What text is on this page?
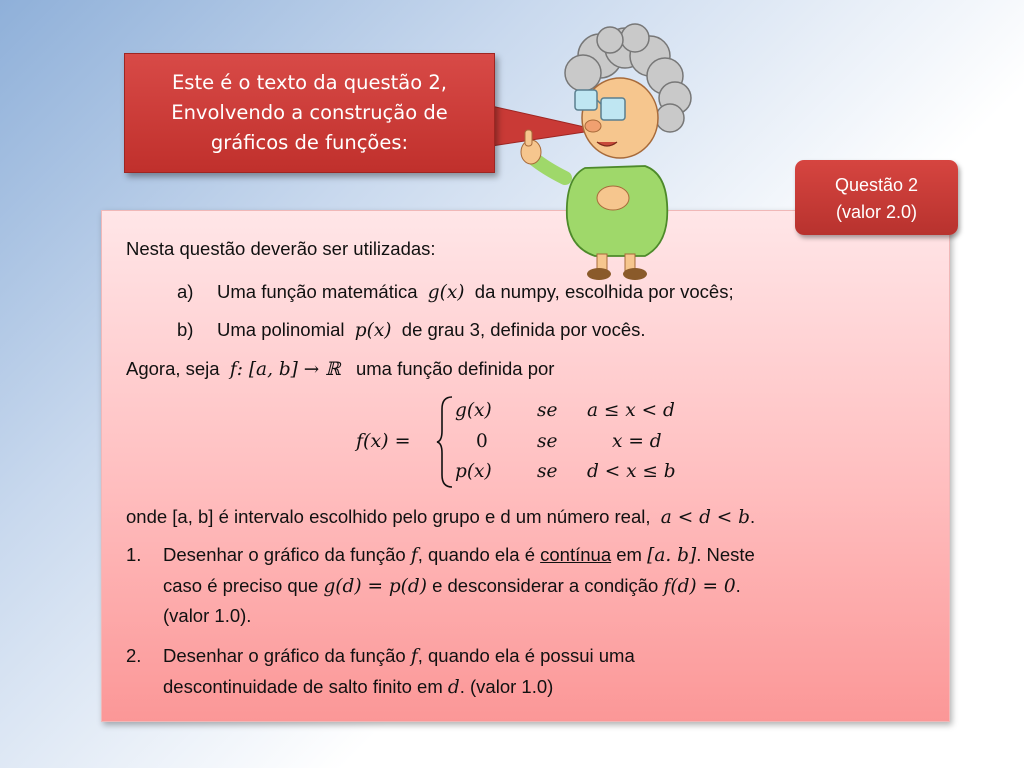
Este é o texto da questão 2,
Envolvendo a construção de
gráficos de funções:
Questão 2
(valor 2.0)
Nesta questão deverão ser utilizadas:
a) Uma função matemática g(x) da numpy, escolhida por vocês;
b) Uma polinomial p(x) de grau 3, definida por vocês.
Agora, seja f: [a, b] → ℝ uma função definida por
f(x) =
g(x) se a ≤ x < d
0	se	x = d
p(x) se d < x ≤ b
onde [a, b] é intervalo escolhido pelo grupo e d um número real, a < d < b.
1. Desenhar o gráfico da função f, quando ela é contínua em [a. b]. Neste
caso é preciso que g(d) = p(d) e desconsiderar a condição f(d) = 0.
(valor 1.0).
2. Desenhar o gráfico da função f, quando ela é possui uma
descontinuidade de salto finito em d. (valor 1.0)
